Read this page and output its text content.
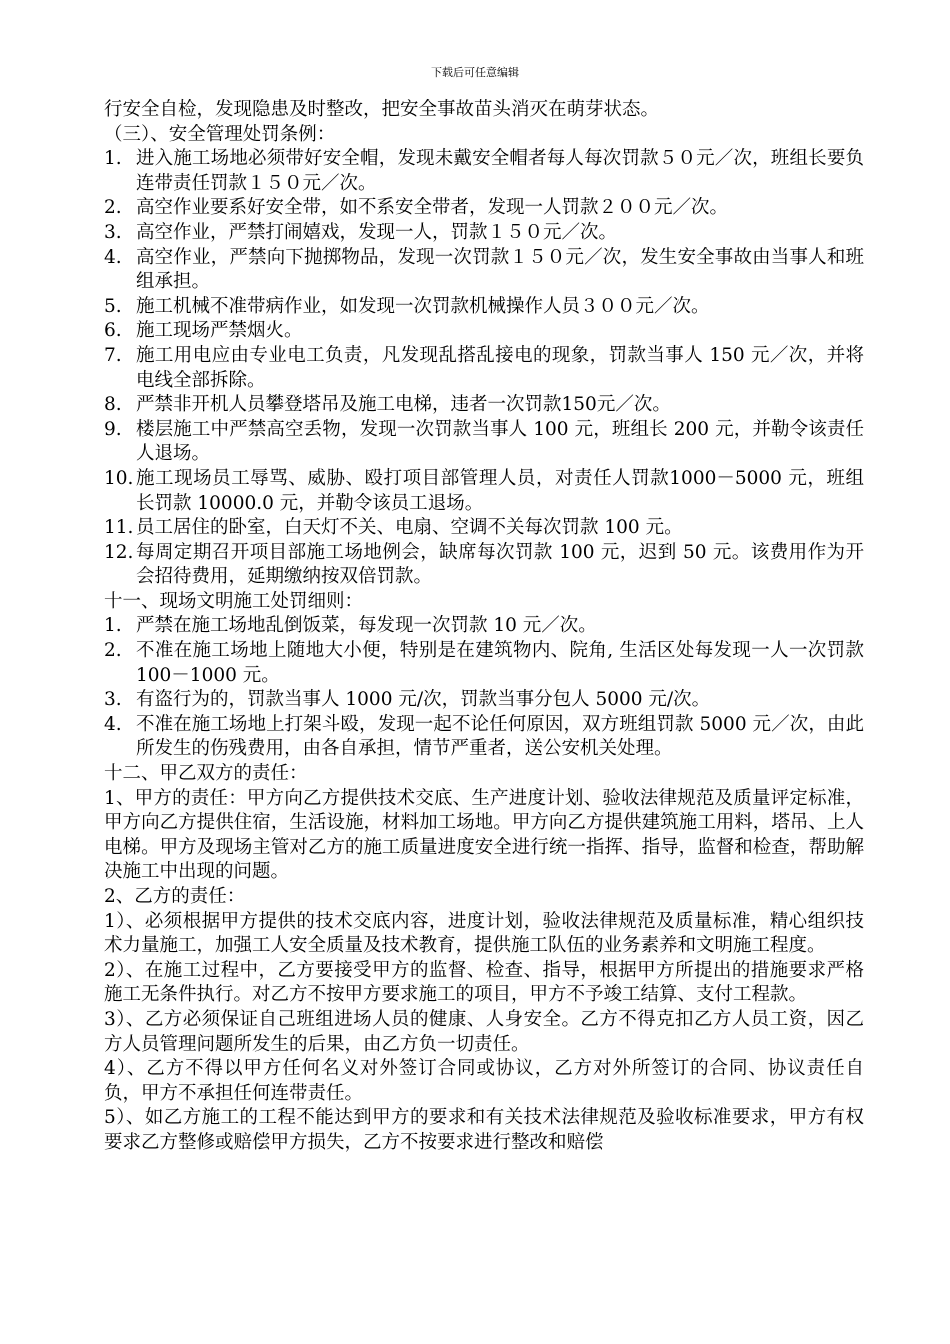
下载后可任意编辑

行安全自检，发现隐患及时整改，把安全事故苗头消灭在萌芽状态。

（三）、安全管理处罚条例：

1. 进入施工场地必须带好安全帽，发现未戴安全帽者每人每次罚款５０元／次，班组长要负连带责任罚款１５０元／次。
2. 高空作业要系好安全带，如不系安全带者，发现一人罚款２００元／次。
3. 高空作业，严禁打闹嬉戏，发现一人，罚款１５０元／次。
4. 高空作业，严禁向下抛掷物品，发现一次罚款１５０元／次，发生安全事故由当事人和班组承担。
5. 施工机械不准带病作业，如发现一次罚款机械操作人员３００元／次。
6. 施工现场严禁烟火。
7. 施工用电应由专业电工负责，凡发现乱搭乱接电的现象，罚款当事人 150 元／次，并将电线全部拆除。
8. 严禁非开机人员攀登塔吊及施工电梯，违者一次罚款150元／次。
9. 楼层施工中严禁高空丢物，发现一次罚款当事人 100 元，班组长 200 元，并勒令该责任人退场。
10. 施工现场员工辱骂、威胁、殴打项目部管理人员，对责任人罚款1000－5000 元，班组长罚款 10000.0 元，并勒令该员工退场。
11. 员工居住的卧室，白天灯不关、电扇、空调不关每次罚款 100 元。
12. 每周定期召开项目部施工场地例会，缺席每次罚款 100 元，迟到 50 元。该费用作为开会招待费用，延期缴纳按双倍罚款。

十一、现场文明施工处罚细则：

1. 严禁在施工场地乱倒饭菜，每发现一次罚款 10 元／次。
2. 不准在施工场地上随地大小便，特别是在建筑物内、院角, 生活区处每发现一人一次罚款 100－1000 元。
3. 有盗行为的，罚款当事人 1000 元/次，罚款当事分包人 5000 元/次。
4. 不准在施工场地上打架斗殴，发现一起不论任何原因，双方班组罚款 5000 元／次，由此所发生的伤残费用，由各自承担，情节严重者，送公安机关处理。

十二、甲乙双方的责任：

1、甲方的责任：甲方向乙方提供技术交底、生产进度计划、验收法律规范及质量评定标准，甲方向乙方提供住宿，生活设施，材料加工场地。甲方向乙方提供建筑施工用料，塔吊、上人电梯。甲方及现场主管对乙方的施工质量进度安全进行统一指挥、指导，监督和检查，帮助解决施工中出现的问题。

2、乙方的责任：

1）、必须根据甲方提供的技术交底内容，进度计划，验收法律规范及质量标准，精心组织技术力量施工，加强工人安全质量及技术教育，提供施工队伍的业务素养和文明施工程度。

2）、在施工过程中，乙方要接受甲方的监督、检查、指导，根据甲方所提出的措施要求严格施工无条件执行。对乙方不按甲方要求施工的项目，甲方不予竣工结算、支付工程款。

3）、乙方必须保证自己班组进场人员的健康、人身安全。乙方不得克扣乙方人员工资，因乙方人员管理问题所发生的后果，由乙方负一切责任。

4）、乙方不得以甲方任何名义对外签订合同或协议，乙方对外所签订的合同、协议责任自负，甲方不承担任何连带责任。

5）、如乙方施工的工程不能达到甲方的要求和有关技术法律规范及验收标准要求，甲方有权要求乙方整修或赔偿甲方损失，乙方不按要求进行整改和赔偿
